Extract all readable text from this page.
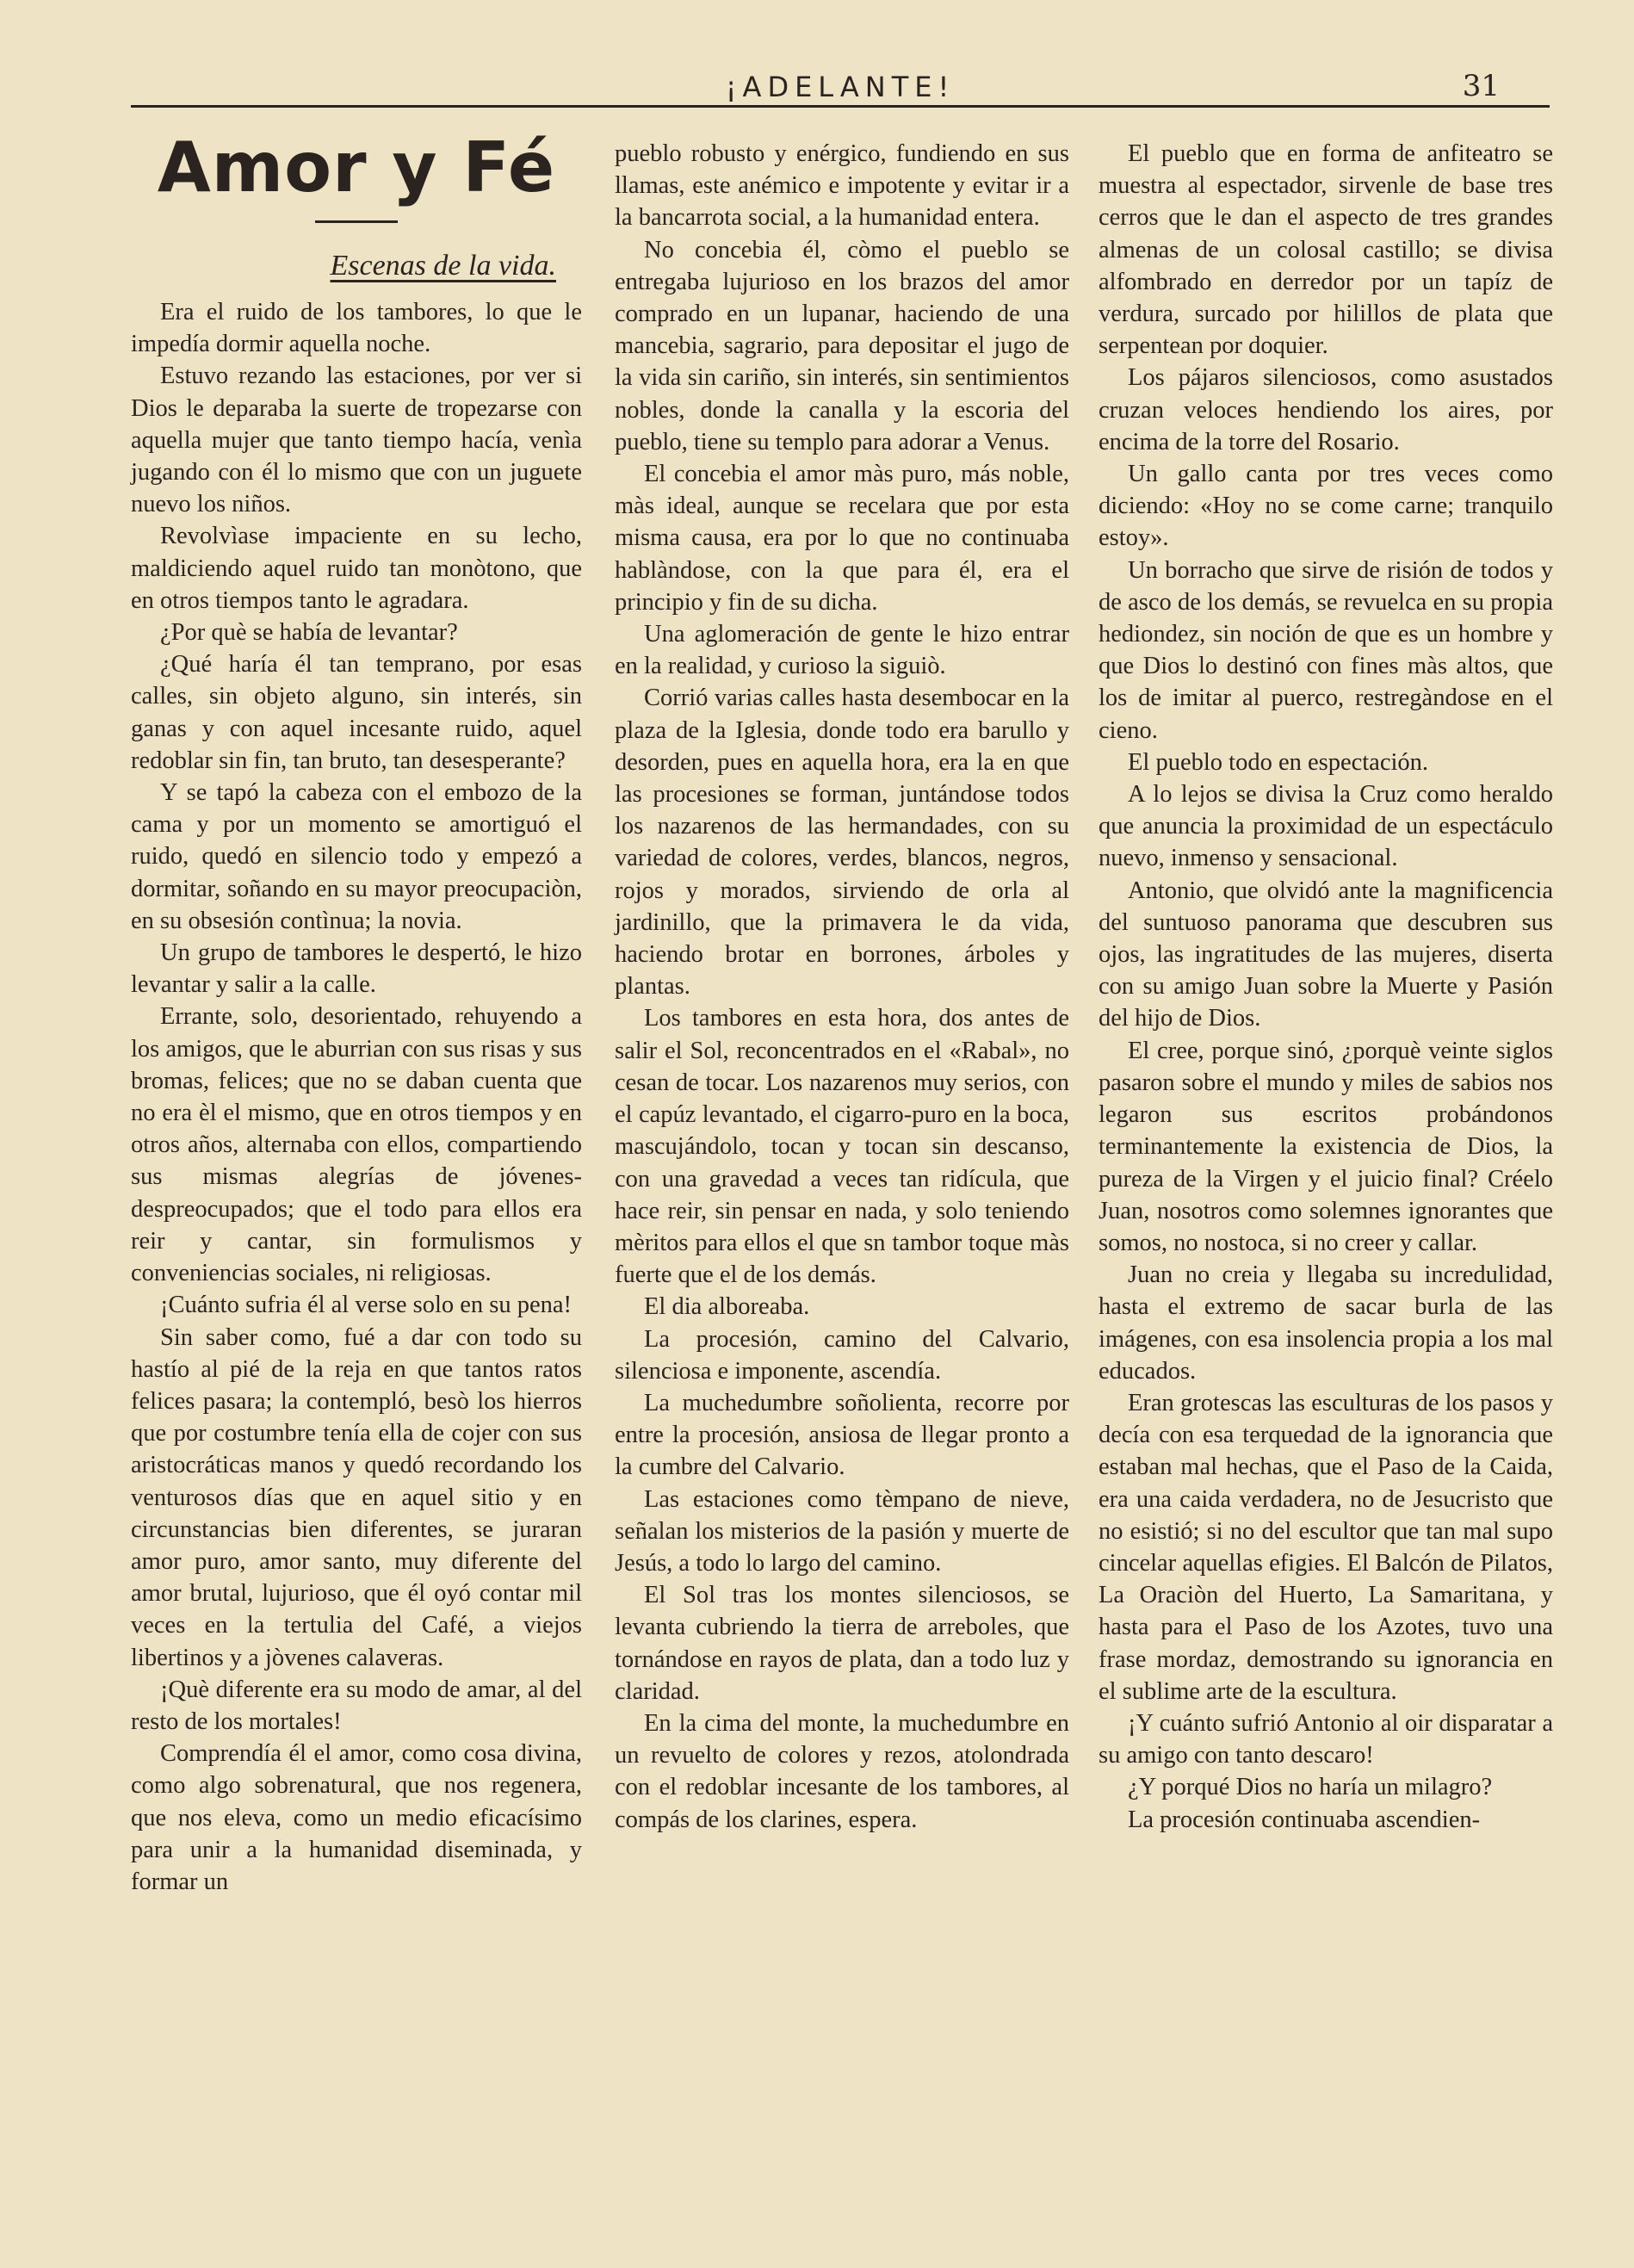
¡ADELANTE!	31
Amor y Fé
Escenas de la vida.

Era el ruido de los tambores, lo que le impedía dormir aquella noche.

Estuvo rezando las estaciones, por ver si Dios le deparaba la suerte de tropezarse con aquella mujer que tanto tiempo hacía, venìa jugando con él lo mismo que con un juguete nuevo los niños.

Revolvìase impaciente en su lecho, maldiciendo aquel ruido tan monòtono, que en otros tiempos tanto le agradara.

¿Por què se había de levantar?

¿Qué haría él tan temprano, por esas calles, sin objeto alguno, sin interés, sin ganas y con aquel incesante ruido, aquel redoblar sin fin, tan bruto, tan desesperante?

Y se tapó la cabeza con el embozo de la cama y por un momento se amortiguó el ruido, quedó en silencio todo y empezó a dormitar, soñando en su mayor preocupaciòn, en su obsesión contìnua; la novia.

Un grupo de tambores le despertó, le hizo levantar y salir a la calle.

Errante, solo, desorientado, rehuyendo a los amigos, que le aburrian con sus risas y sus bromas, felices; que no se daban cuenta que no era èl el mismo, que en otros tiempos y en otros años, alternaba con ellos, compartiendo sus mismas alegrías de jóvenes-despreocupados; que el todo para ellos era reir y cantar, sin formulismos y conveniencias sociales, ni religiosas.

¡Cuánto sufria él al verse solo en su pena!

Sin saber como, fué a dar con todo su hastío al pié de la reja en que tantos ratos felices pasara; la contempló, besò los hierros que por costumbre tenía ella de cojer con sus aristocráticas manos y quedó recordando los venturosos días que en aquel sitio y en circunstancias bien diferentes, se juraran amor puro, amor santo, muy diferente del amor brutal, lujurioso, que él oyó contar mil veces en la tertulia del Café, a viejos libertinos y a jòvenes calaveras.

¡Què diferente era su modo de amar, al del resto de los mortales!

Comprendía él el amor, como cosa divina, como algo sobrenatural, que nos regenera, que nos eleva, como un medio eficacísimo para unir a la humanidad diseminada, y formar un

pueblo robusto y enérgico, fundiendo en sus llamas, este anémico e impotente y evitar ir a la bancarrota social, a la humanidad entera.

No concebia él, còmo el pueblo se entregaba lujurioso en los brazos del amor comprado en un lupanar, haciendo de una mancebia, sagrario, para depositar el jugo de la vida sin cariño, sin interés, sin sentimientos nobles, donde la canalla y la escoria del pueblo, tiene su templo para adorar a Venus.

El concebia el amor màs puro, más noble, màs ideal, aunque se recelara que por esta misma causa, era por lo que no continuaba hablàndose, con la que para él, era el principio y fin de su dicha.

Una aglomeración de gente le hizo entrar en la realidad, y curioso la siguiò.

Corrió varias calles hasta desembocar en la plaza de la Iglesia, donde todo era barullo y desorden, pues en aquella hora, era la en que las procesiones se forman, juntándose todos los nazarenos de las hermandades, con su variedad de colores, verdes, blancos, negros, rojos y morados, sirviendo de orla al jardinillo, que la primavera le da vida, haciendo brotar en borrones, árboles y plantas.

Los tambores en esta hora, dos antes de salir el Sol, reconcentrados en el «Rabal», no cesan de tocar. Los nazarenos muy serios, con el capúz levantado, el cigarro-puro en la boca, mascujándolo, tocan y tocan sin descanso, con una gravedad a veces tan ridícula, que hace reir, sin pensar en nada, y solo teniendo mèritos para ellos el que sn tambor toque màs fuerte que el de los demás.

El dia alboreaba.

La procesión, camino del Calvario, silenciosa e imponente, ascendía.

La muchedumbre soñolienta, recorre por entre la procesión, ansiosa de llegar pronto a la cumbre del Calvario.

Las estaciones como tèmpano de nieve, señalan los misterios de la pasión y muerte de Jesús, a todo lo largo del camino.

El Sol tras los montes silenciosos, se levanta cubriendo la tierra de arreboles, que tornándose en rayos de plata, dan a todo luz y claridad.

En la cima del monte, la muchedumbre en un revuelto de colores y rezos, atolondrada con el redoblar incesante de los tambores, al compás de los clarines, espera.

El pueblo que en forma de anfiteatro se muestra al espectador, sirvenle de base tres cerros que le dan el aspecto de tres grandes almenas de un colosal castillo; se divisa alfombrado en derredor por un tapíz de verdura, surcado por hilillos de plata que serpentean por doquier.

Los pájaros silenciosos, como asustados cruzan veloces hendiendo los aires, por encima de la torre del Rosario.

Un gallo canta por tres veces como diciendo: «Hoy no se come carne; tranquilo estoy».

Un borracho que sirve de risión de todos y de asco de los demás, se revuelca en su propia hediondez, sin noción de que es un hombre y que Dios lo destinó con fines màs altos, que los de imitar al puerco, restregàndose en el cieno.

El pueblo todo en espectación.

A lo lejos se divisa la Cruz como heraldo que anuncia la proximidad de un espectáculo nuevo, inmenso y sensacional.

Antonio, que olvidó ante la magnificencia del suntuoso panorama que descubren sus ojos, las ingratitudes de las mujeres, diserta con su amigo Juan sobre la Muerte y Pasión del hijo de Dios.

El cree, porque sinó, ¿porquè veinte siglos pasaron sobre el mundo y miles de sabios nos legaron sus escritos probándonos terminantemente la existencia de Dios, la pureza de la Virgen y el juicio final? Créelo Juan, nosotros como solemnes ignorantes que somos, no nostoca, si no creer y callar.

Juan no creia y llegaba su incredulidad, hasta el extremo de sacar burla de las imágenes, con esa insolencia propia a los mal educados.

Eran grotescas las esculturas de los pasos y decía con esa terquedad de la ignorancia que estaban mal hechas, que el Paso de la Caida, era una caida verdadera, no de Jesucristo que no esistió; si no del escultor que tan mal supo cincelar aquellas efigies. El Balcón de Pilatos, La Oraciòn del Huerto, La Samaritana, y hasta para el Paso de los Azotes, tuvo una frase mordaz, demostrando su ignorancia en el sublime arte de la escultura.

¡Y cuánto sufrió Antonio al oir disparatar a su amigo con tanto descaro!

¿Y porqué Dios no haría un milagro?

La procesión continuaba ascendien-
